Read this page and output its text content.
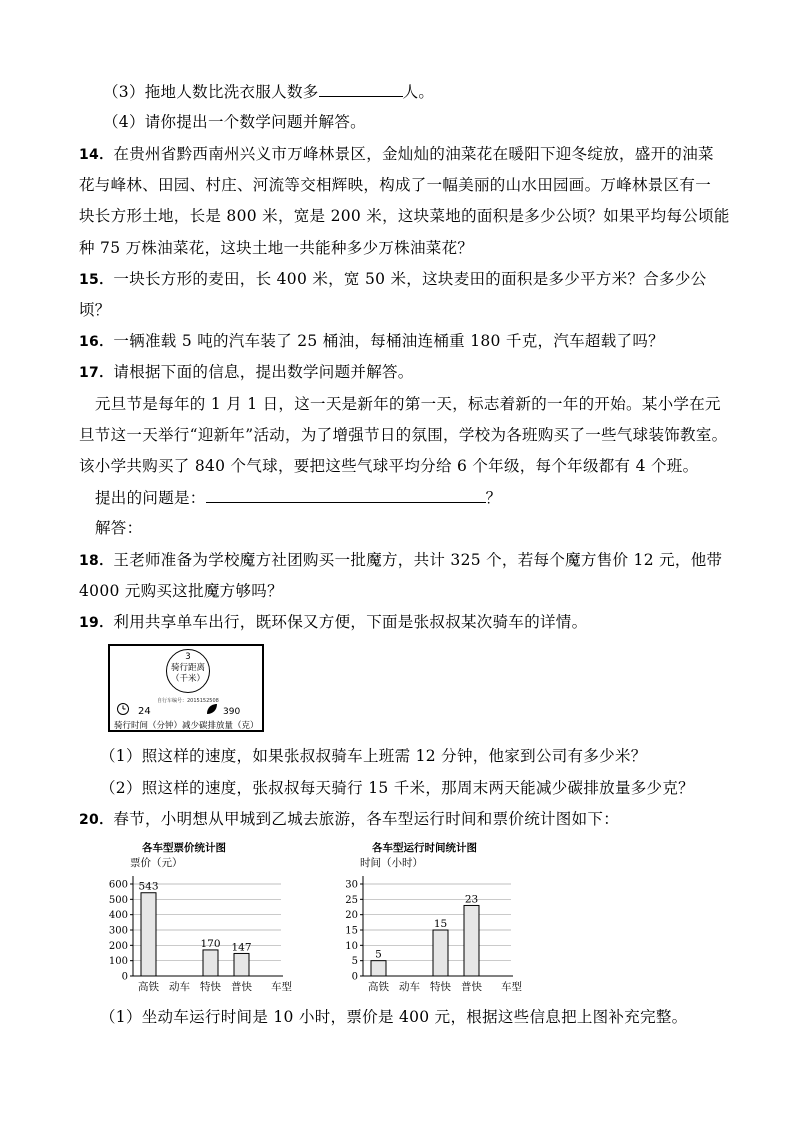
（3）拖地人数比洗衣服人数多	人。
（4）请你提出一个数学问题并解答。
14．在贵州省黔西南州兴义市万峰林景区，金灿灿的油菜花在暖阳下迎冬绽放，盛开的油菜
花与峰林、田园、村庄、河流等交相辉映，构成了一幅美丽的山水田园画。万峰林景区有一
块长方形土地，长是 800 米，宽是 200 米，这块菜地的面积是多少公顷？如果平均每公顷能
种 75 万株油菜花，这块土地一共能种多少万株油菜花？
15．一块长方形的麦田，长 400 米，宽 50 米，这块麦田的面积是多少平方米？合多少公
顷？
16．一辆准载 5 吨的汽车装了 25 桶油，每桶油连桶重 180 千克，汽车超载了吗？
17．请根据下面的信息，提出数学问题并解答。
元旦节是每年的 1 月 1 日，这一天是新年的第一天，标志着新的一年的开始。某小学在元
旦节这一天举行“迎新年”活动，为了增强节日的氛围，学校为各班购买了一些气球装饰教室。
该小学共购买了 840 个气球，要把这些气球平均分给 6 个年级，每个年级都有 4 个班。
提出的问题是：	？
解答：
18．王老师准备为学校魔方社团购买一批魔方，共计 325 个，若每个魔方售价 12 元，他带
4000 元购买这批魔方够吗？
19．利用共享单车出行，既环保又方便，下面是张叔叔某次骑车的详情。
3
骑行距离
（千米）
自行车编号：2015152508
24	390
骑行时间（分钟）减少碳排放量（克）
（1）照这样的速度，如果张叔叔骑车上班需 12 分钟，他家到公司有多少米？
（2）照这样的速度，张叔叔每天骑行 15 千米，那周末两天能减少碳排放量多少克？
20．春节，小明想从甲城到乙城去旅游，各车型运行时间和票价统计图如下：
各车型票价统计图
票价（元）
0
100
200
300
400
500
600 543
高铁 动车
170
特快
147
普快 车型
各车型运行时间统计图
时间（小时）
0
5
10
15
20
25
30
5
高铁 动车
15
特快
23
普快 车型
（1）坐动车运行时间是 10 小时，票价是 400 元，根据这些信息把上图补充完整。
